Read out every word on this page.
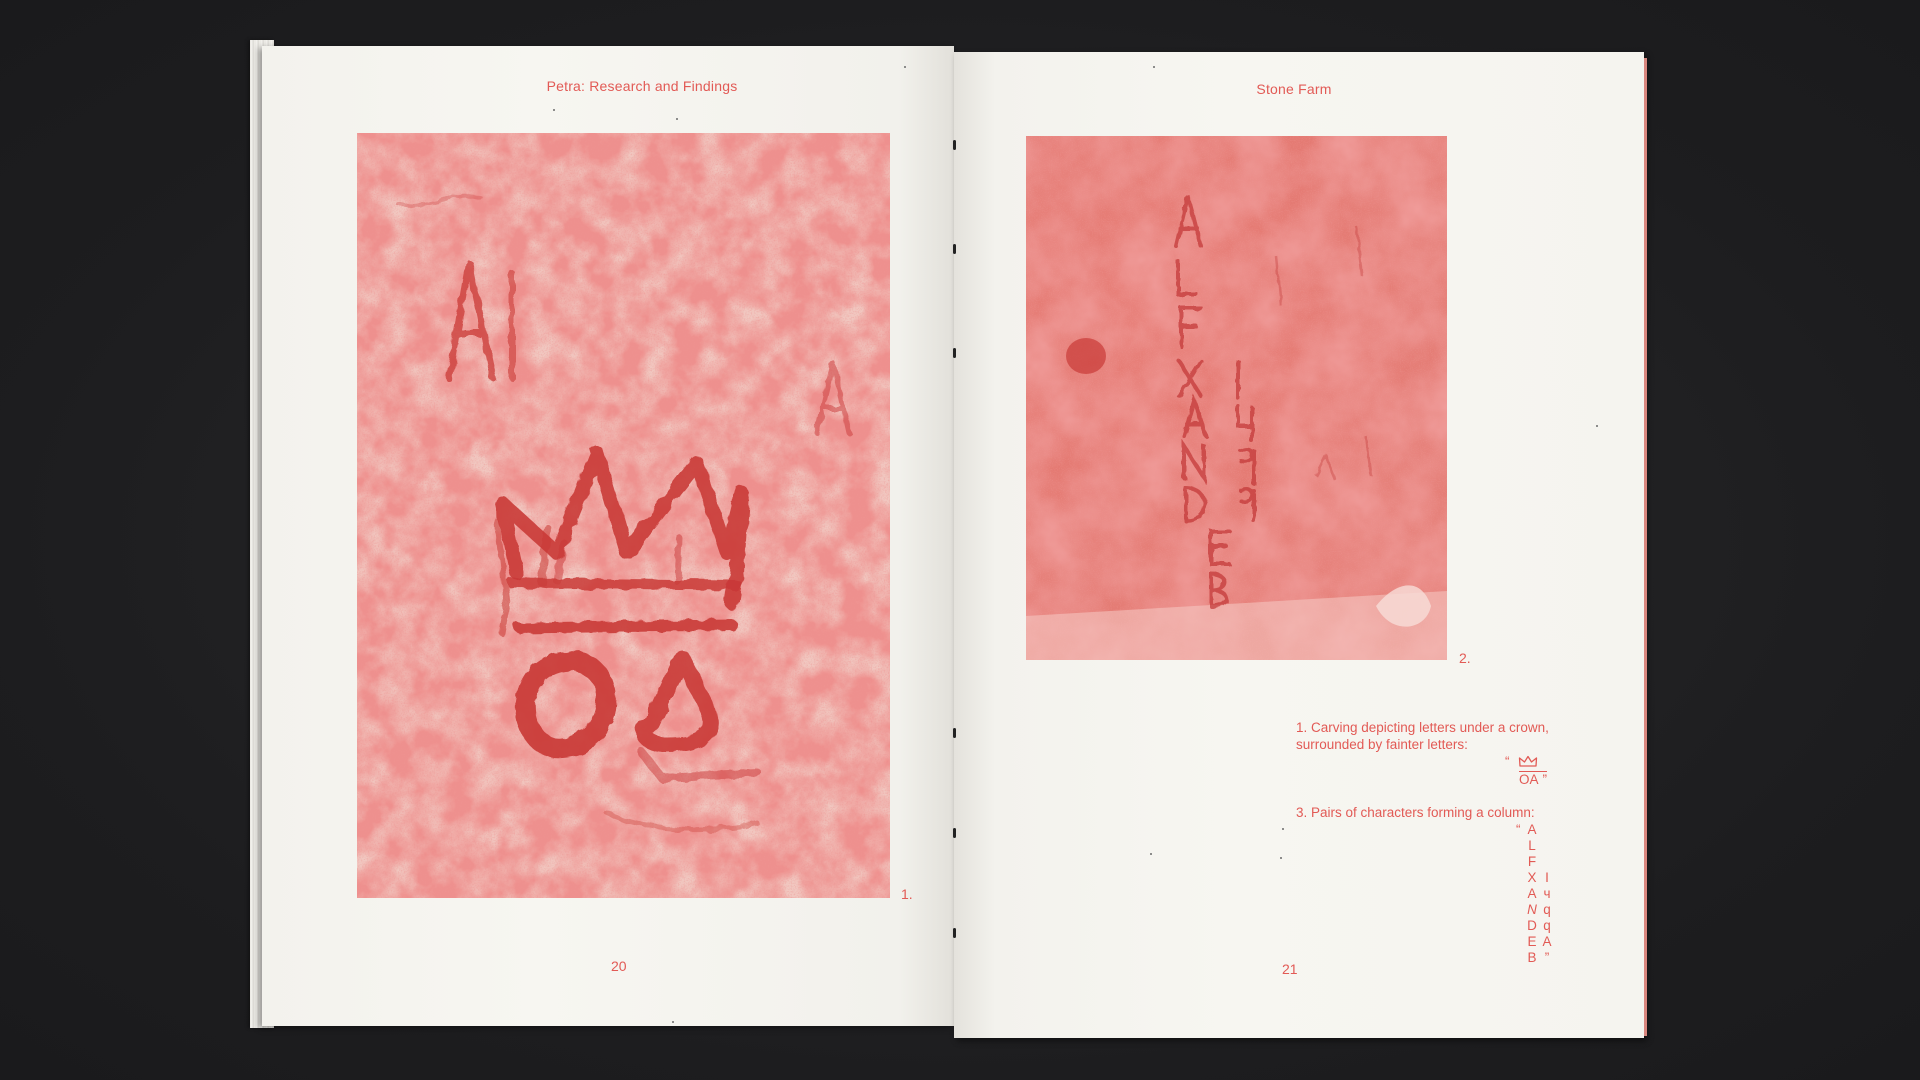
Petra: Research and Findings	Stone Farm
1.
2.
20	21
1. Carving depicting letters under a crown, surrounded by fainter letters:
“
OA ”
3. Pairs of characters forming a column:
“ A
L
F
X I
A ч
N q
D q
E A
B ”
